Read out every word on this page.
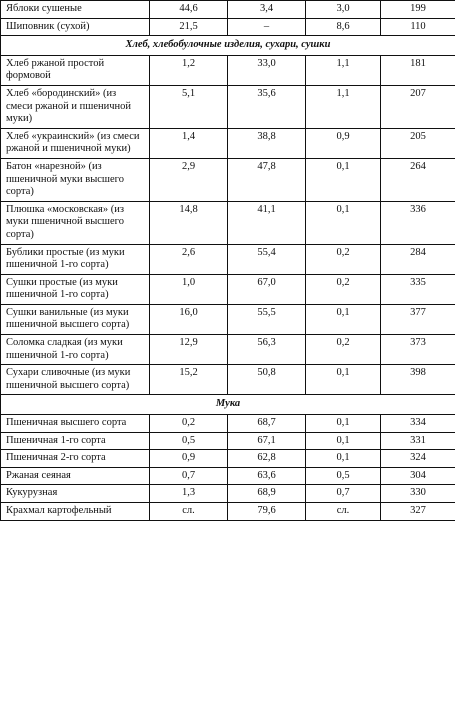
Яблоки сушеные	44,6	3,4	3,0	199
Шиповник (сухой)	21,5	–	8,6	110
Хлеб, хлебобулочные изделия, сухари, сушки				
Хлеб ржаной простой формовой	1,2	33,0	1,1	181
Хлеб «бородинский» (из смеси ржаной и пшеничной муки)	5,1	35,6	1,1	207
Хлеб «украинский» (из смеси ржаной и пшеничной муки)	1,4	38,8	0,9	205
Батон «нарезной» (из пшеничной муки высшего сорта)	2,9	47,8	0,1	264
Плюшка «московская» (из муки пшеничной высшего сорта)	14,8	41,1	0,1	336
Бублики простые (из муки пшеничной 1-го сорта)	2,6	55,4	0,2	284
Сушки простые (из муки пшеничной 1-го сорта)	1,0	67,0	0,2	335
Сушки ванильные (из муки пшеничной высшего сорта)	16,0	55,5	0,1	377
Соломка сладкая (из муки пшеничной 1-го сорта)	12,9	56,3	0,2	373
Сухари сливочные (из муки пшеничной высшего сорта)	15,2	50,8	0,1	398
Мука				
Пшеничная высшего сорта	0,2	68,7	0,1	334
Пшеничная 1-го сорта	0,5	67,1	0,1	331
Пшеничная 2-го сорта	0,9	62,8	0,1	324
Ржаная сеяная	0,7	63,6	0,5	304
Кукурузная	1,3	68,9	0,7	330
Крахмал картофельный	сл.	79,6	сл.	327
